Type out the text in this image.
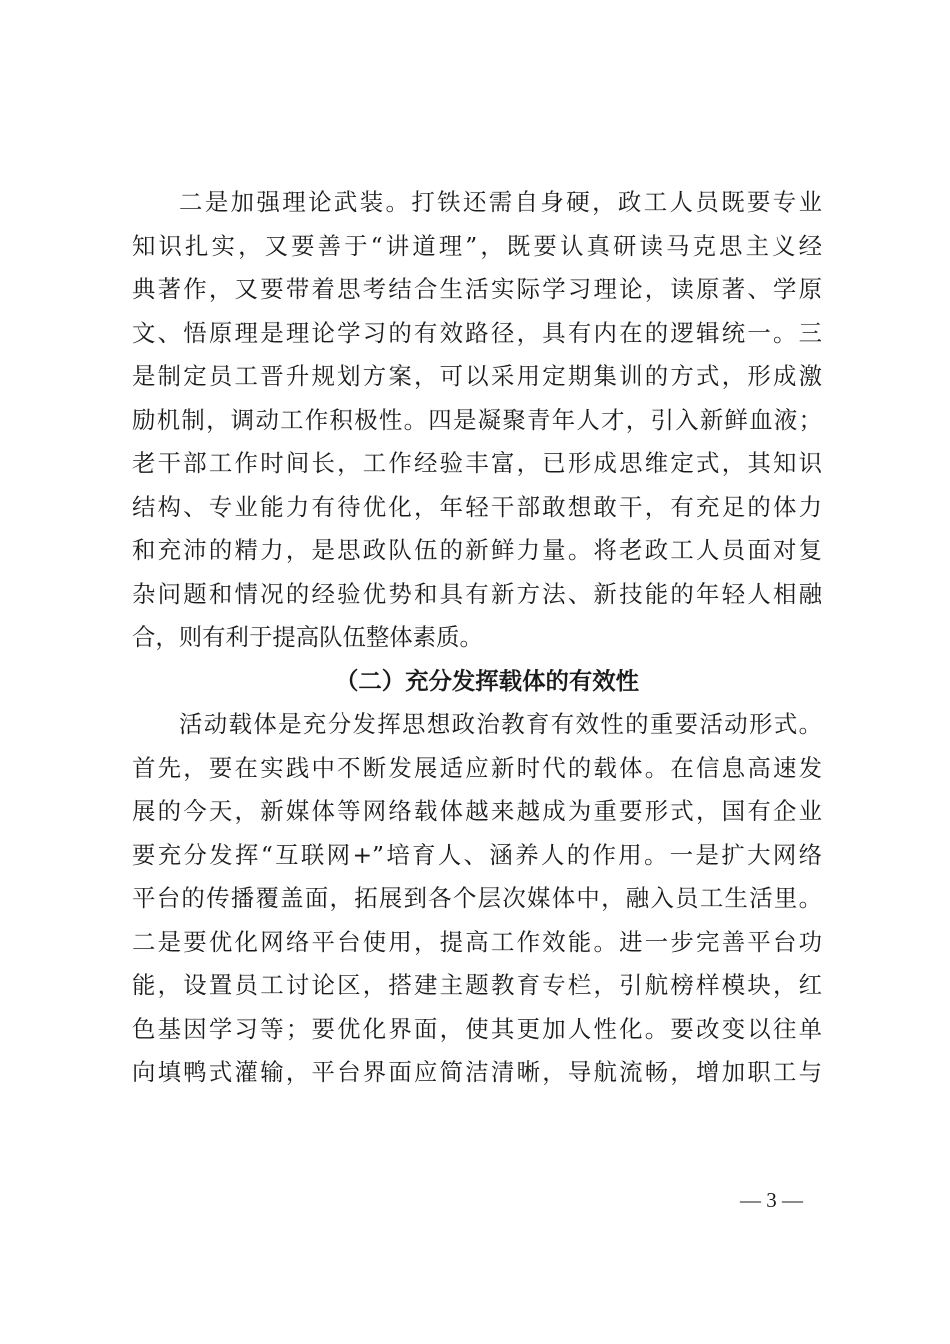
二是加强理论武装。打铁还需自身硬，政工人员既要专业
知识扎实，又要善于“讲道理”，既要认真研读马克思主义经
典著作，又要带着思考结合生活实际学习理论，读原著、学原
文、悟原理是理论学习的有效路径，具有内在的逻辑统一。三
是制定员工晋升规划方案，可以采用定期集训的方式，形成激
励机制，调动工作积极性。四是凝聚青年人才，引入新鲜血液；
老干部工作时间长，工作经验丰富，已形成思维定式，其知识
结构、专业能力有待优化，年轻干部敢想敢干，有充足的体力
和充沛的精力，是思政队伍的新鲜力量。将老政工人员面对复
杂问题和情况的经验优势和具有新方法、新技能的年轻人相融
合，则有利于提高队伍整体素质。
（二）充分发挥载体的有效性
活动载体是充分发挥思想政治教育有效性的重要活动形式。
首先，要在实践中不断发展适应新时代的载体。在信息高速发
展的今天，新媒体等网络载体越来越成为重要形式，国有企业
要充分发挥“互联网+”培育人、涵养人的作用。一是扩大网络
平台的传播覆盖面，拓展到各个层次媒体中，融入员工生活里。
二是要优化网络平台使用，提高工作效能。进一步完善平台功
能，设置员工讨论区，搭建主题教育专栏，引航榜样模块，红
色基因学习等；要优化界面，使其更加人性化。要改变以往单
向填鸭式灌输，平台界面应简洁清晰，导航流畅，增加职工与
— 3 —
